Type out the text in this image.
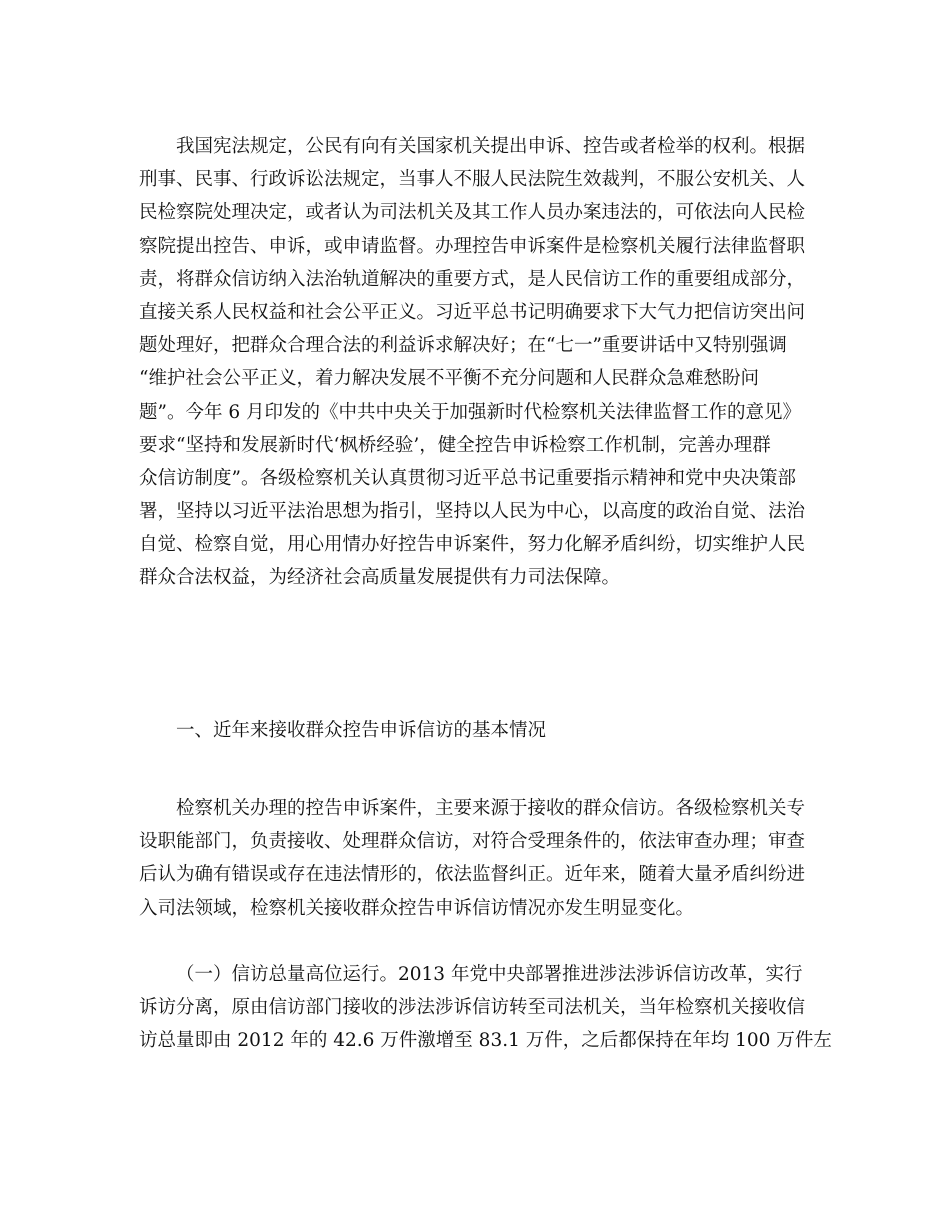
我国宪法规定，公民有向有关国家机关提出申诉、控告或者检举的权利。根据
刑事、民事、行政诉讼法规定，当事人不服人民法院生效裁判，不服公安机关、人
民检察院处理决定，或者认为司法机关及其工作人员办案违法的，可依法向人民检
察院提出控告、申诉，或申请监督。办理控告申诉案件是检察机关履行法律监督职
责，将群众信访纳入法治轨道解决的重要方式，是人民信访工作的重要组成部分，
直接关系人民权益和社会公平正义。习近平总书记明确要求下大气力把信访突出问
题处理好，把群众合理合法的利益诉求解决好；在“七一”重要讲话中又特别强调
“维护社会公平正义，着力解决发展不平衡不充分问题和人民群众急难愁盼问
题”。今年 6 月印发的《中共中央关于加强新时代检察机关法律监督工作的意见》
要求“坚持和发展新时代‘枫桥经验’，健全控告申诉检察工作机制，完善办理群
众信访制度”。各级检察机关认真贯彻习近平总书记重要指示精神和党中央决策部
署，坚持以习近平法治思想为指引，坚持以人民为中心，以高度的政治自觉、法治
自觉、检察自觉，用心用情办好控告申诉案件，努力化解矛盾纠纷，切实维护人民
群众合法权益，为经济社会高质量发展提供有力司法保障。
一、近年来接收群众控告申诉信访的基本情况
检察机关办理的控告申诉案件，主要来源于接收的群众信访。各级检察机关专
设职能部门，负责接收、处理群众信访，对符合受理条件的，依法审查办理；审查
后认为确有错误或存在违法情形的，依法监督纠正。近年来，随着大量矛盾纠纷进
入司法领域，检察机关接收群众控告申诉信访情况亦发生明显变化。
（一）信访总量高位运行。2013 年党中央部署推进涉法涉诉信访改革，实行
诉访分离，原由信访部门接收的涉法涉诉信访转至司法机关，当年检察机关接收信
访总量即由 2012 年的 42.6 万件激增至 83.1 万件，之后都保持在年均 100 万件左
